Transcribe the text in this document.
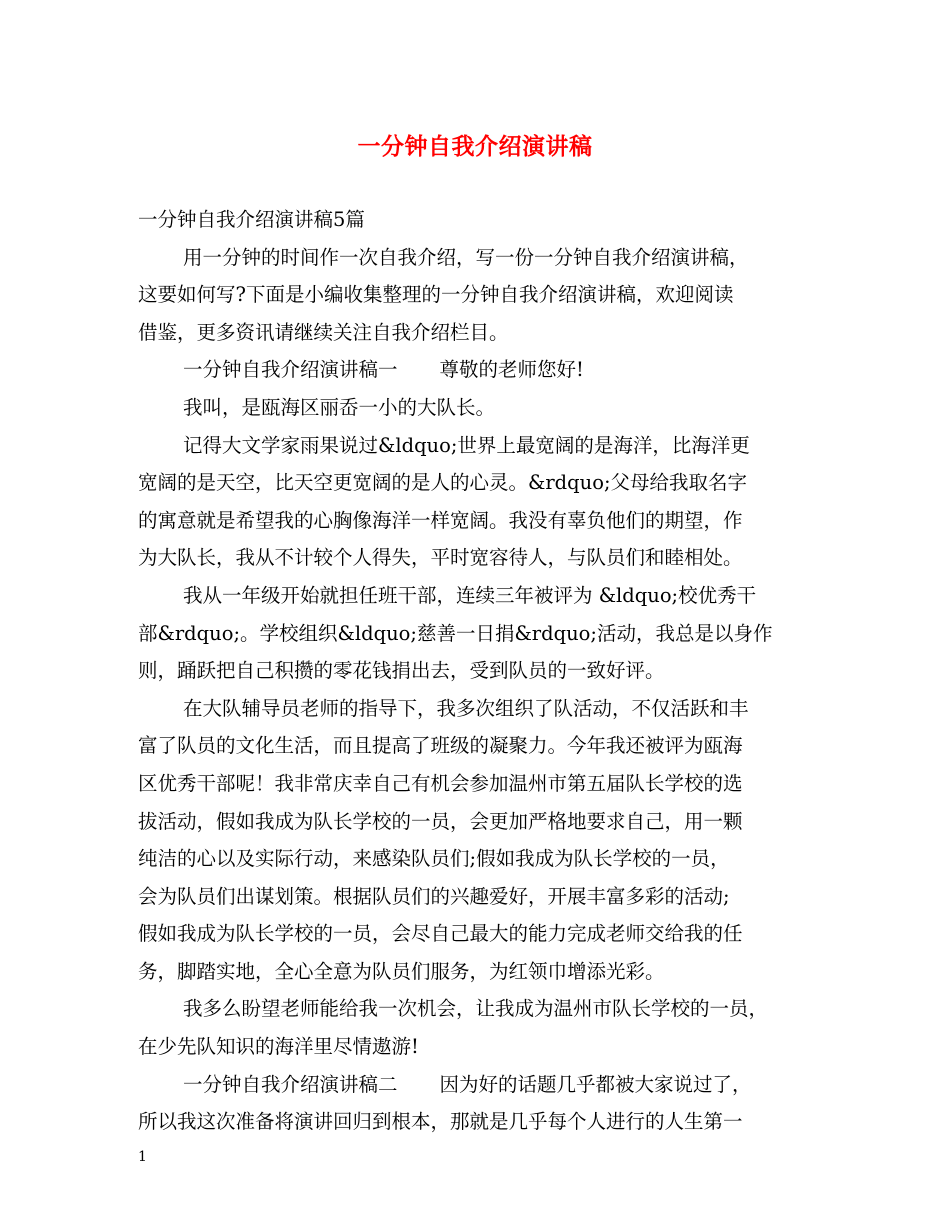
一分钟自我介绍演讲稿
一分钟自我介绍演讲稿5篇
用一分钟的时间作一次自我介绍，写一份一分钟自我介绍演讲稿，
这要如何写?下面是小编收集整理的一分钟自我介绍演讲稿，欢迎阅读
借鉴，更多资讯请继续关注自我介绍栏目。
一分钟自我介绍演讲稿一 尊敬的老师您好!
我叫，是瓯海区丽岙一小的大队长。
记得大文学家雨果说过&ldquo;世界上最宽阔的是海洋，比海洋更
宽阔的是天空，比天空更宽阔的是人的心灵。&rdquo;父母给我取名字
的寓意就是希望我的心胸像海洋一样宽阔。我没有辜负他们的期望，作
为大队长，我从不计较个人得失，平时宽容待人，与队员们和睦相处。
我从一年级开始就担任班干部，连续三年被评为 &ldquo;校优秀干
部&rdquo;。学校组织&ldquo;慈善一日捐&rdquo;活动，我总是以身作
则，踊跃把自己积攒的零花钱捐出去，受到队员的一致好评。
在大队辅导员老师的指导下，我多次组织了队活动，不仅活跃和丰
富了队员的文化生活，而且提高了班级的凝聚力。今年我还被评为瓯海
区优秀干部呢！我非常庆幸自己有机会参加温州市第五届队长学校的选
拔活动，假如我成为队长学校的一员，会更加严格地要求自己，用一颗
纯洁的心以及实际行动，来感染队员们;假如我成为队长学校的一员，
会为队员们出谋划策。根据队员们的兴趣爱好，开展丰富多彩的活动;
假如我成为队长学校的一员，会尽自己最大的能力完成老师交给我的任
务，脚踏实地，全心全意为队员们服务，为红领巾增添光彩。
我多么盼望老师能给我一次机会，让我成为温州市队长学校的一员，
在少先队知识的海洋里尽情遨游!
一分钟自我介绍演讲稿二 因为好的话题几乎都被大家说过了，
所以我这次准备将演讲回归到根本，那就是几乎每个人进行的人生第一
1
